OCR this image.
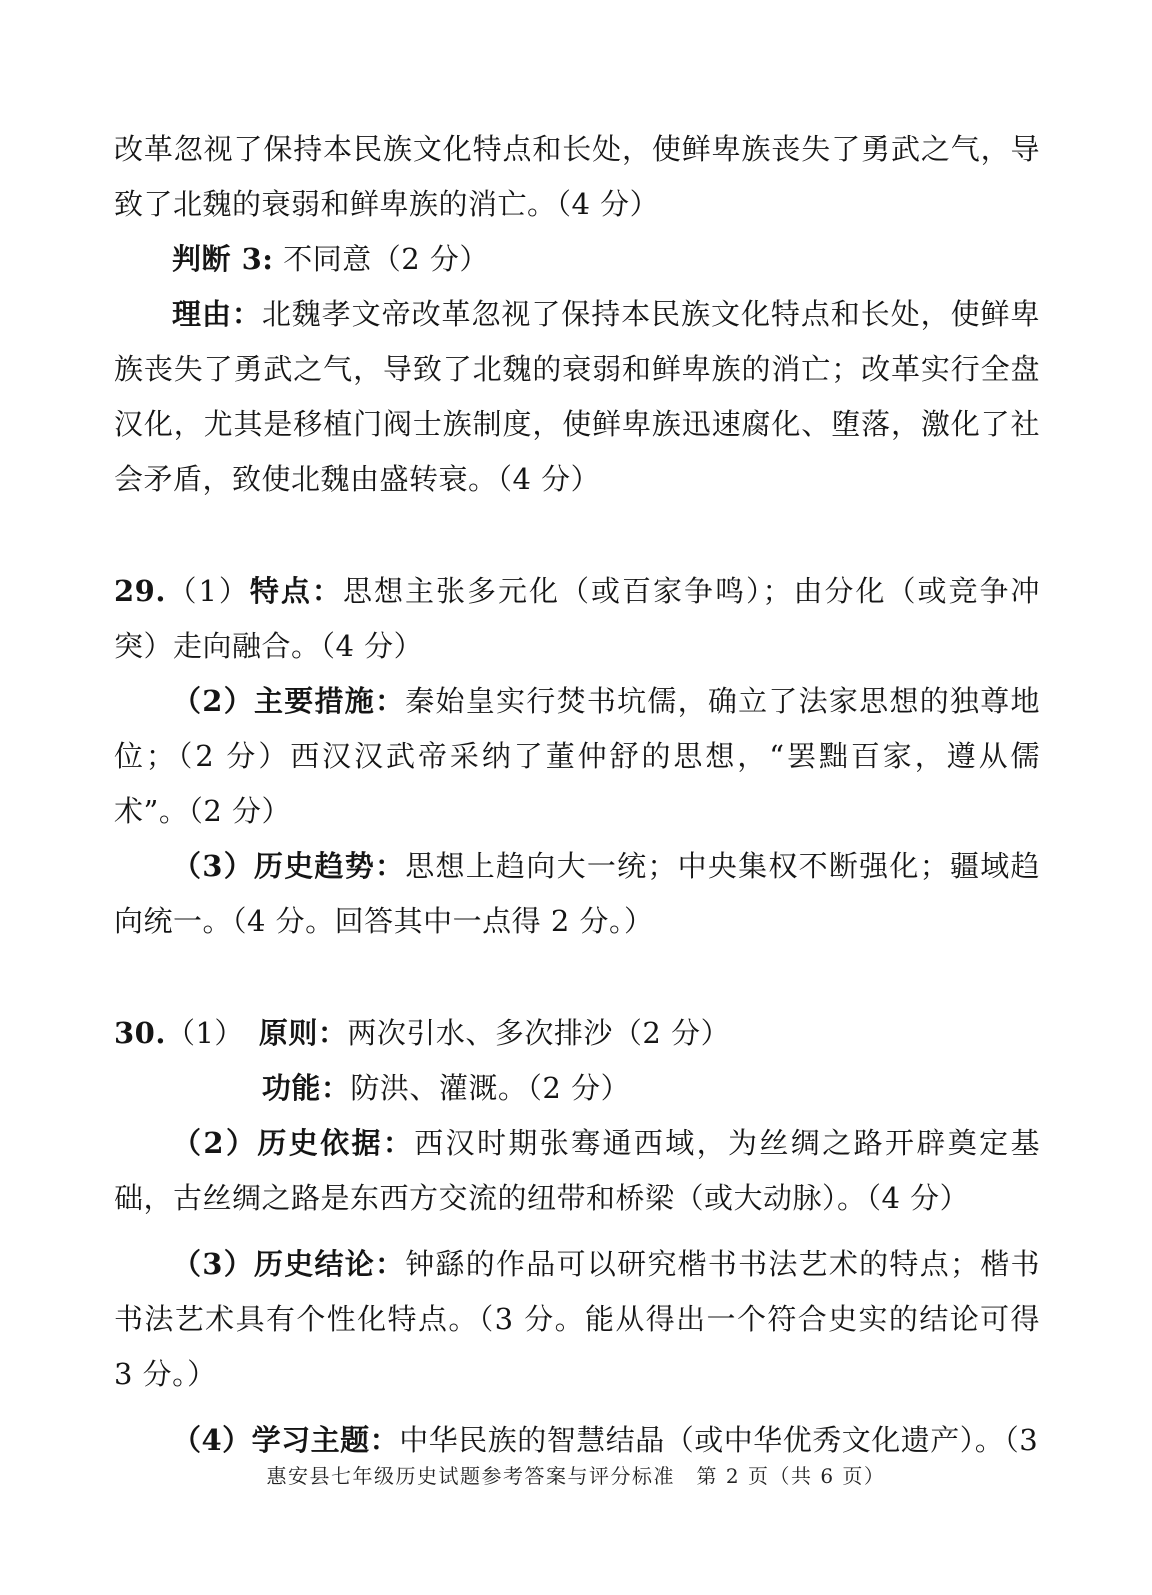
改革忽视了保持本民族文化特点和长处，使鲜卑族丧失了勇武之气，导致了北魏的衰弱和鲜卑族的消亡。（4 分）

判断 3: 不同意（2 分）

理由：北魏孝文帝改革忽视了保持本民族文化特点和长处，使鲜卑族丧失了勇武之气，导致了北魏的衰弱和鲜卑族的消亡；改革实行全盘汉化，尤其是移植门阀士族制度，使鲜卑族迅速腐化、堕落，激化了社会矛盾，致使北魏由盛转衰。（4 分）

29.（1）特点：思想主张多元化（或百家争鸣）；由分化（或竞争冲突）走向融合。（4 分）

（2）主要措施：秦始皇实行焚书坑儒，确立了法家思想的独尊地位；（2 分）西汉汉武帝采纳了董仲舒的思想，“罢黜百家，遵从儒术”。（2 分）

（3）历史趋势：思想上趋向大一统；中央集权不断强化；疆域趋向统一。（4 分。回答其中一点得 2 分。）

30.（1）　原则：两次引水、多次排沙（2 分）

功能：防洪、灌溉。（2 分）

（2）历史依据：西汉时期张骞通西域，为丝绸之路开辟奠定基础，古丝绸之路是东西方交流的纽带和桥梁（或大动脉）。（4 分）

（3）历史结论：钟繇的作品可以研究楷书书法艺术的特点；楷书书法艺术具有个性化特点。（3 分。能从得出一个符合史实的结论可得 3 分。）

（4）学习主题：中华民族的智慧结晶（或中华优秀文化遗产）。（3

惠安县七年级历史试题参考答案与评分标准　第 2 页（共 6 页）
